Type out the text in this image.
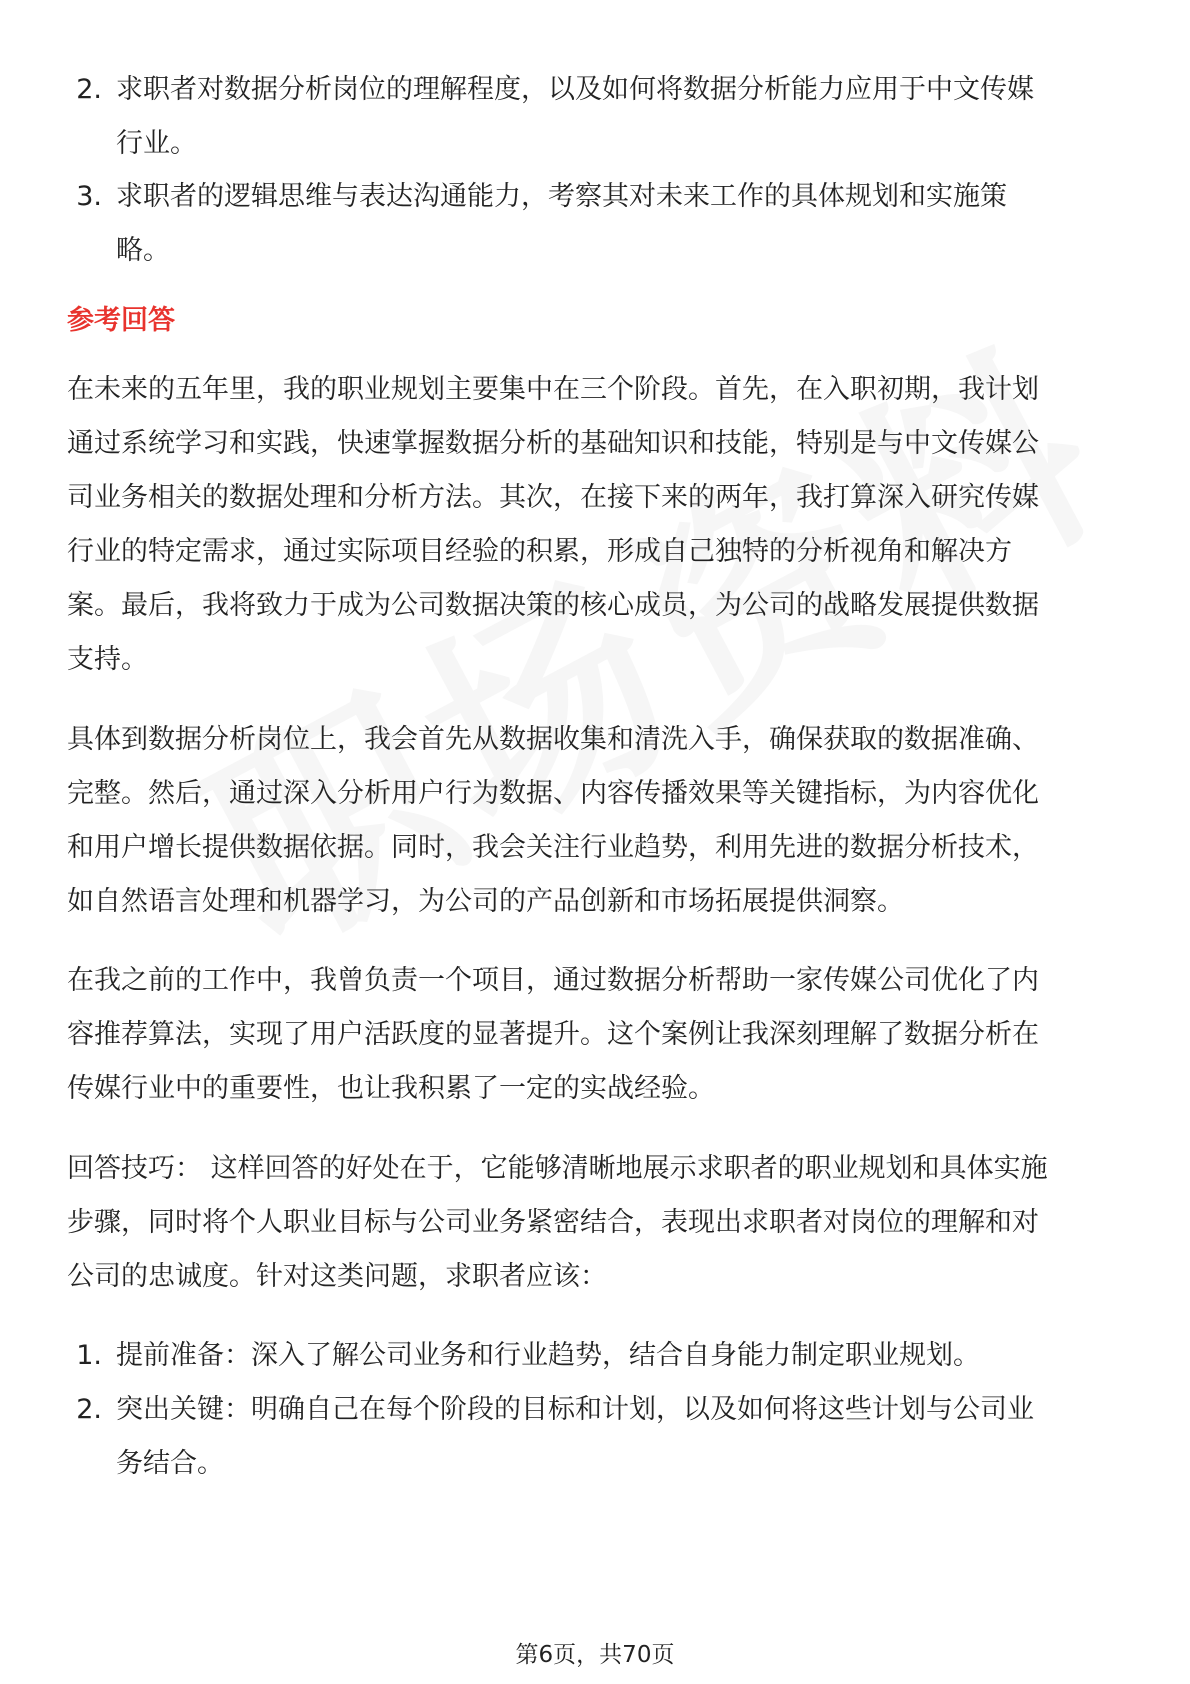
2. 求职者对数据分析岗位的理解程度，以及如何将数据分析能力应用于中文传媒
行业。
3. 求职者的逻辑思维与表达沟通能力，考察其对未来工作的具体规划和实施策
略。
参考回答
在未来的五年里，我的职业规划主要集中在三个阶段。首先，在入职初期，我计划
通过系统学习和实践，快速掌握数据分析的基础知识和技能，特别是与中文传媒公
司业务相关的数据处理和分析方法。其次，在接下来的两年，我打算深入研究传媒
行业的特定需求，通过实际项目经验的积累，形成自己独特的分析视角和解决方
案。最后，我将致力于成为公司数据决策的核心成员，为公司的战略发展提供数据
支持。
具体到数据分析岗位上，我会首先从数据收集和清洗入手，确保获取的数据准确、
完整。然后，通过深入分析用户行为数据、内容传播效果等关键指标，为内容优化
和用户增长提供数据依据。同时，我会关注行业趋势，利用先进的数据分析技术，
如自然语言处理和机器学习，为公司的产品创新和市场拓展提供洞察。
在我之前的工作中，我曾负责一个项目，通过数据分析帮助一家传媒公司优化了内
容推荐算法，实现了用户活跃度的显著提升。这个案例让我深刻理解了数据分析在
传媒行业中的重要性，也让我积累了一定的实战经验。
回答技巧： 这样回答的好处在于，它能够清晰地展示求职者的职业规划和具体实施
步骤，同时将个人职业目标与公司业务紧密结合，表现出求职者对岗位的理解和对
公司的忠诚度。针对这类问题，求职者应该：
1. 提前准备：深入了解公司业务和行业趋势，结合自身能力制定职业规划。
2. 突出关键：明确自己在每个阶段的目标和计划，以及如何将这些计划与公司业
务结合。
第6页，共70页
